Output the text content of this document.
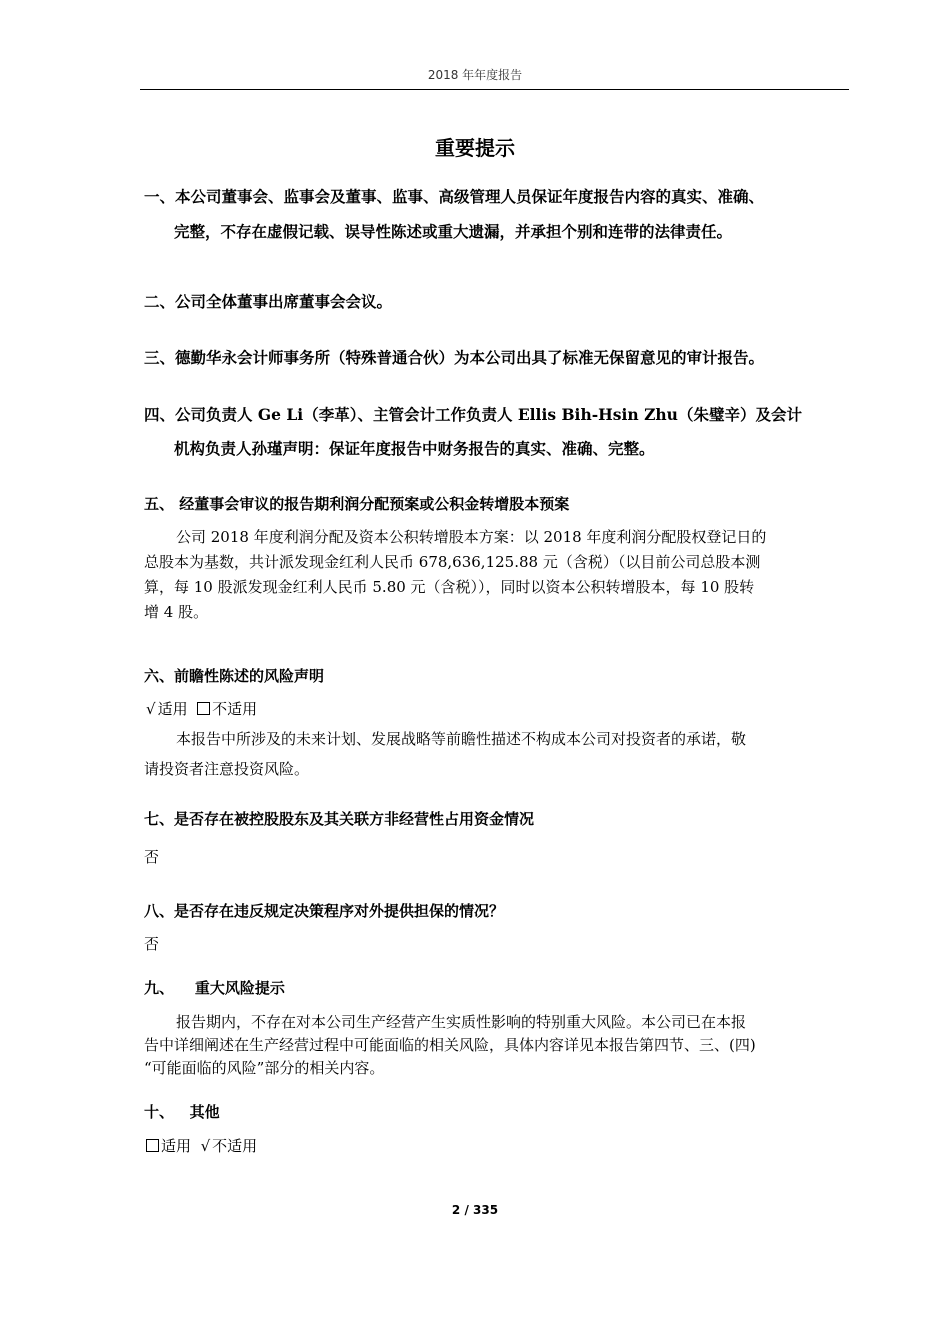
2018 年年度报告
重要提示
一、本公司董事会、监事会及董事、监事、高级管理人员保证年度报告内容的真实、准确、
完整，不存在虚假记载、误导性陈述或重大遗漏，并承担个别和连带的法律责任。
二、公司全体董事出席董事会会议。
三、德勤华永会计师事务所（特殊普通合伙）为本公司出具了标准无保留意见的审计报告。
四、公司负责人 Ge Li（李革）、主管会计工作负责人 Ellis Bih-Hsin Zhu（朱璧辛）及会计
机构负责人孙瑾声明：保证年度报告中财务报告的真实、准确、完整。
五、 经董事会审议的报告期利润分配预案或公积金转增股本预案
公司 2018 年度利润分配及资本公积转增股本方案：以 2018 年度利润分配股权登记日的
总股本为基数，共计派发现金红利人民币 678,636,125.88 元（含税）（以目前公司总股本测
算，每 10 股派发现金红利人民币 5.80 元（含税）），同时以资本公积转增股本，每 10 股转
增 4 股。
六、前瞻性陈述的风险声明
√ 适用 不适用
本报告中所涉及的未来计划、发展战略等前瞻性描述不构成本公司对投资者的承诺，敬
请投资者注意投资风险。
七、是否存在被控股股东及其关联方非经营性占用资金情况
否
八、是否存在违反规定决策程序对外提供担保的情况？
否
九、    重大风险提示
报告期内，不存在对本公司生产经营产生实质性影响的特别重大风险。本公司已在本报
告中详细阐述在生产经营过程中可能面临的相关风险，具体内容详见本报告第四节、三、(四)
“可能面临的风险”部分的相关内容。
十、   其他
适用 √ 不适用
2 / 335
